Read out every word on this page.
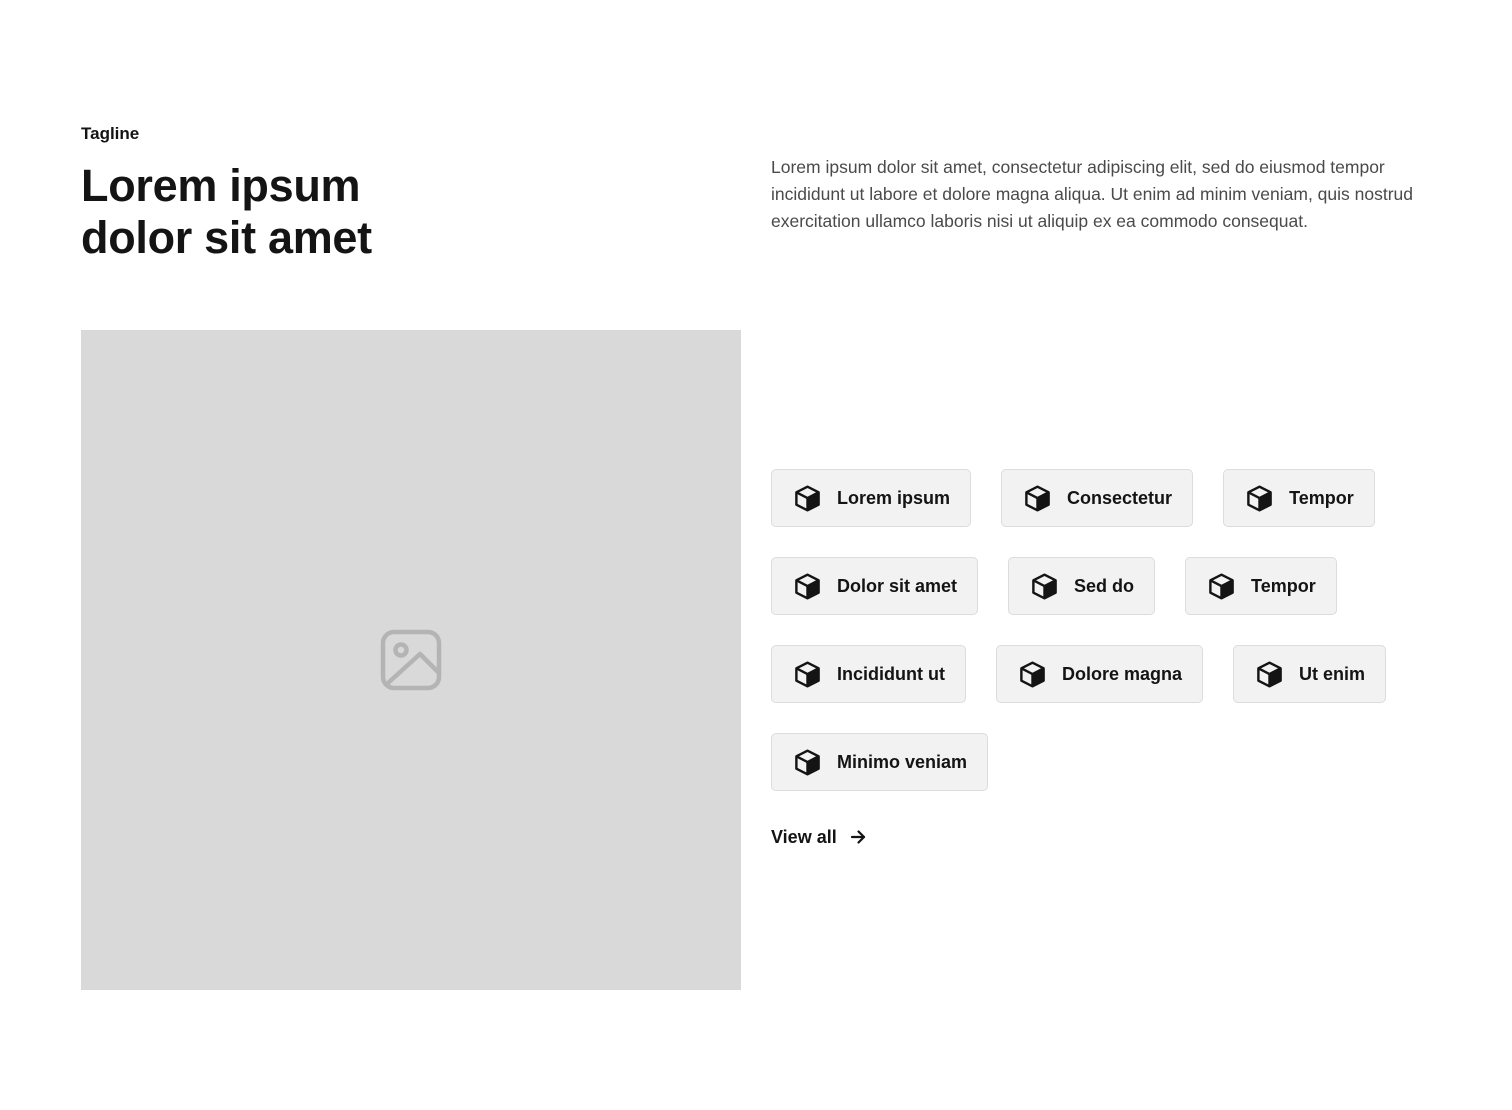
Tagline

Lorem ipsum
dolor sit amet

Lorem ipsum dolor sit amet, consectetur adipiscing elit, sed do eiusmod tempor incididunt ut labore et dolore magna aliqua. Ut enim ad minim veniam, quis nostrud exercitation ullamco laboris nisi ut aliquip ex ea commodo consequat.

Lorem ipsum	Consectetur	Tempor
Dolor sit amet	Sed do	Tempor
Incididunt ut	Dolore magna	Ut enim
Minimo veniam
View all
